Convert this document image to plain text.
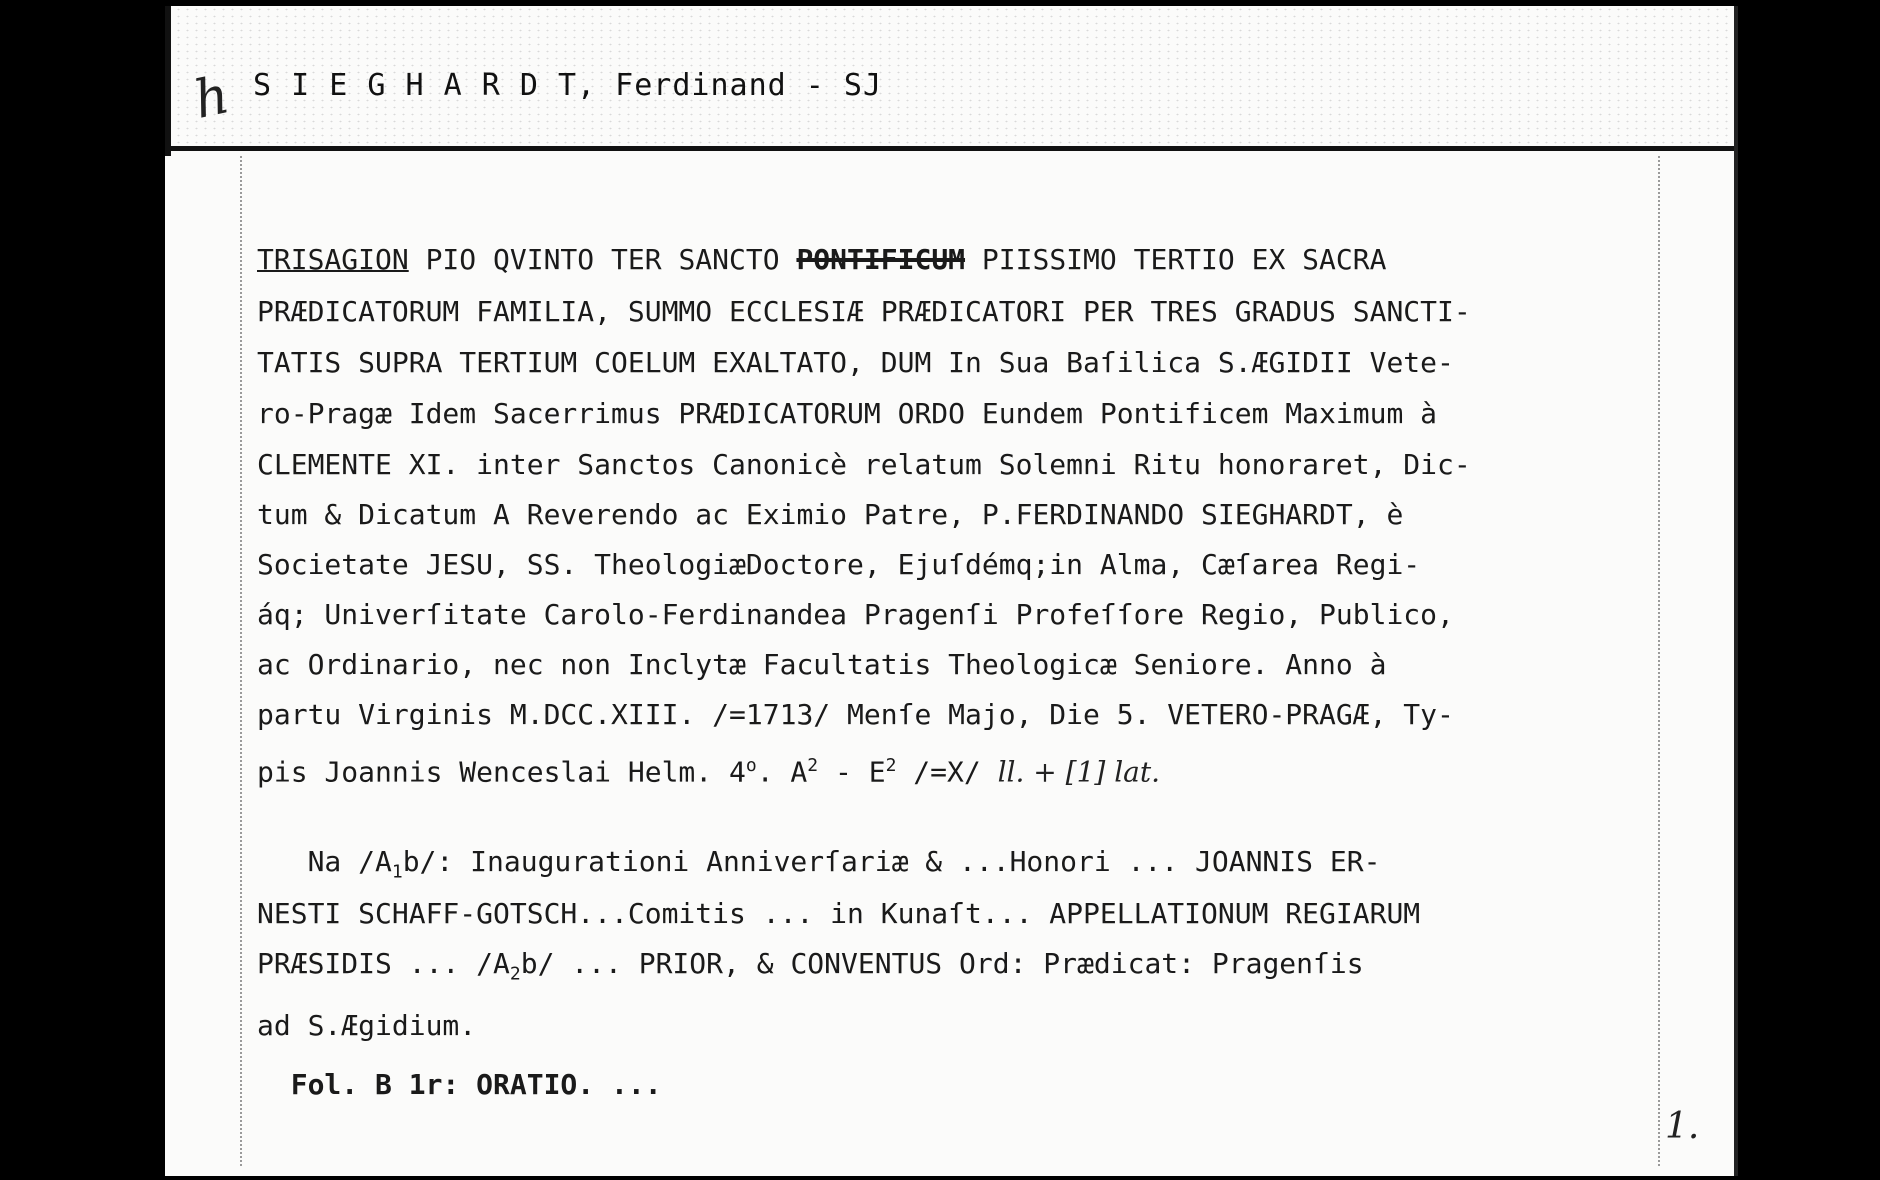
h S I E G H A R D T, Ferdinand - SJ
TRISAGION PIO QVINTO TER SANCTO PONTIFICUM PIISSIMO TERTIO EX SACRA
PRÆDICATORUM FAMILIA, SUMMO ECCLESIÆ PRÆDICATORI PER TRES GRADUS SANCTI-
TATIS SUPRA TERTIUM COELUM EXALTATO, DUM In Sua Baſilica S.ÆGIDII Vete-
ro-Pragæ Idem Sacerrimus PRÆDICATORUM ORDO Eundem Pontificem Maximum à
CLEMENTE XI. inter Sanctos Canonicè relatum Solemni Ritu honoraret, Dic-
tum & Dicatum A Reverendo ac Eximio Patre, P.FERDINANDO SIEGHARDT, è
Societate JESU, SS. TheologiæDoctore, Ejuſdémq;in Alma, Cæſarea Regi-
áq; Univerſitate Carolo-Ferdinandea Pragenſi Profeſſore Regio, Publico,
ac Ordinario, nec non Inclytæ Facultatis Theologicæ Seniore. Anno à
partu Virginis M.DCC.XIII. /=1713/ Menſe Majo, Die 5. VETERO-PRAGÆ, Ty-
pis Joannis Wenceslai Helm. 4$^o$. $A^2 - E^2$ /=X/ ll. + [1] lat.
Na $/A_1b/$: Inaugurationi Anniverſariæ & ...Honori ... JOANNIS ER-
NESTI SCHAFF-GOTSCH...Comitis ... in Kunaſt... APPELLATIONUM REGIARUM
PRÆSIDIS ... $/A_2b/$ ... PRIOR, & CONVENTUS Ord: Prædicat: Pragenſis
ad S.Ægidium.
Fol. B 1r: ORATIO. ...
1.
